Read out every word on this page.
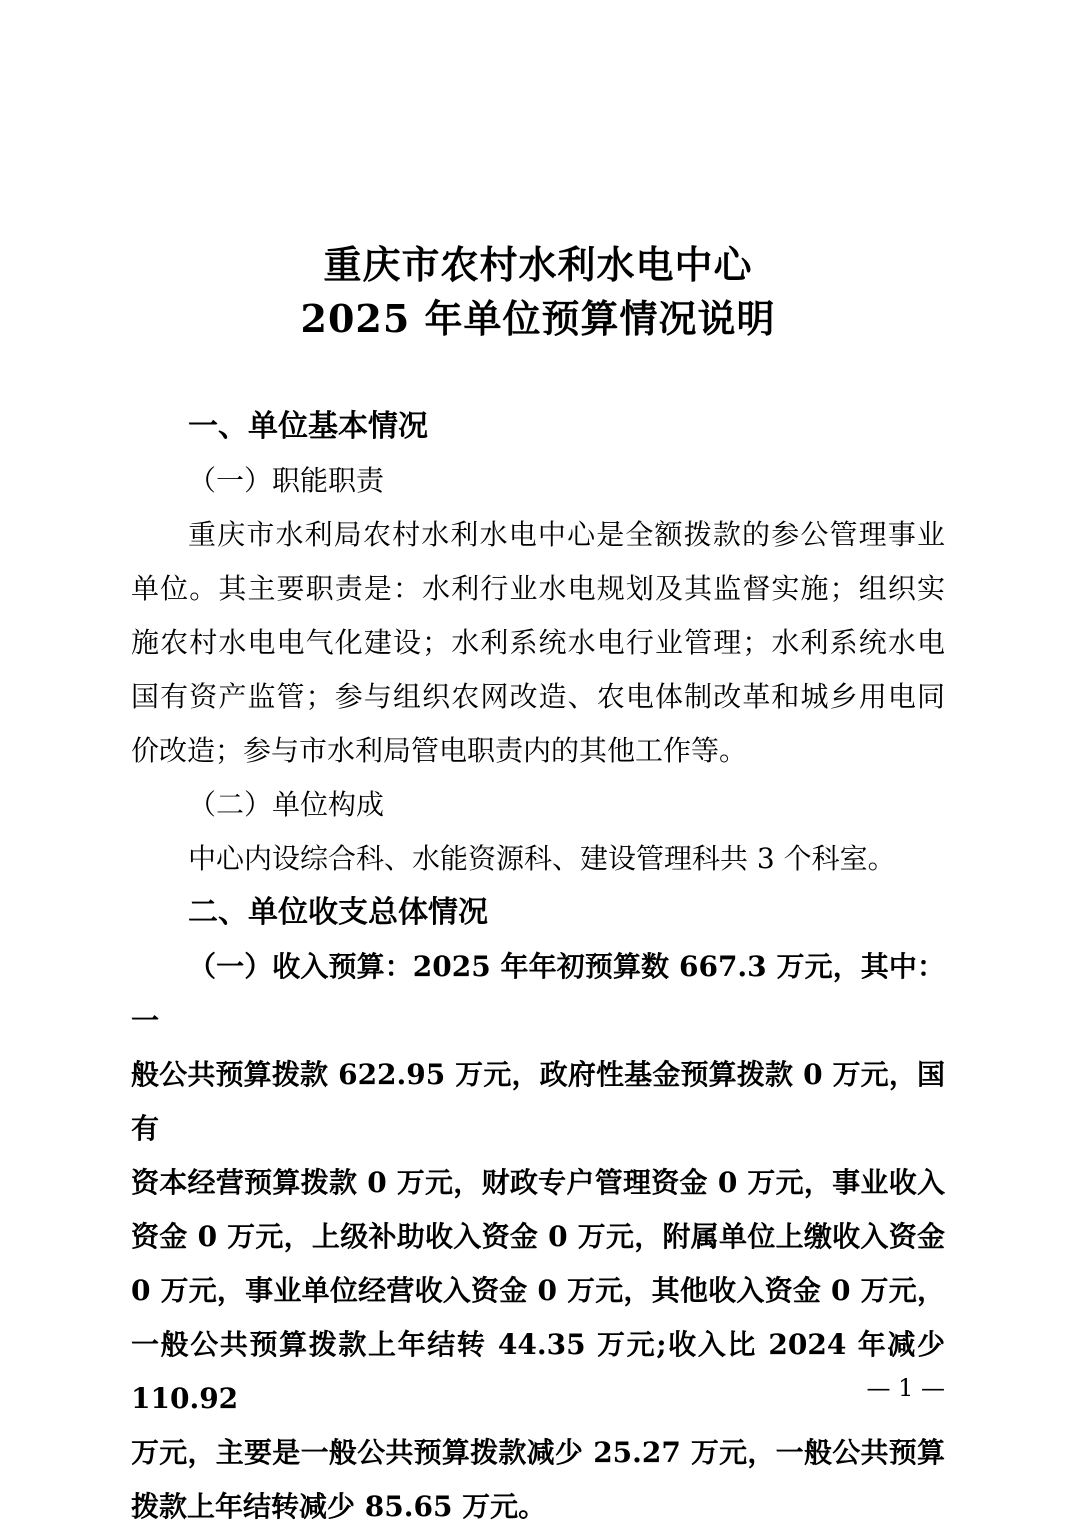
重庆市农村水利水电中心
2025 年单位预算情况说明
一、单位基本情况
（一）职能职责
重庆市水利局农村水利水电中心是全额拨款的参公管理事业
单位。其主要职责是：水利行业水电规划及其监督实施；组织实
施农村水电电气化建设；水利系统水电行业管理；水利系统水电
国有资产监管；参与组织农网改造、农电体制改革和城乡用电同
价改造；参与市水利局管电职责内的其他工作等。
（二）单位构成
中心内设综合科、水能资源科、建设管理科共 3 个科室。
二、单位收支总体情况
（一）收入预算：2025 年年初预算数 667.3 万元，其中：一
般公共预算拨款 622.95 万元，政府性基金预算拨款 0 万元，国有
资本经营预算拨款 0 万元，财政专户管理资金 0 万元，事业收入
资金 0 万元，上级补助收入资金 0 万元，附属单位上缴收入资金
0 万元，事业单位经营收入资金 0 万元，其他收入资金 0 万元，
一般公共预算拨款上年结转 44.35 万元;收入比 2024 年减少 110.92
万元，主要是一般公共预算拨款减少 25.27 万元，一般公共预算
拨款上年结转减少 85.65 万元。
— 1 —
